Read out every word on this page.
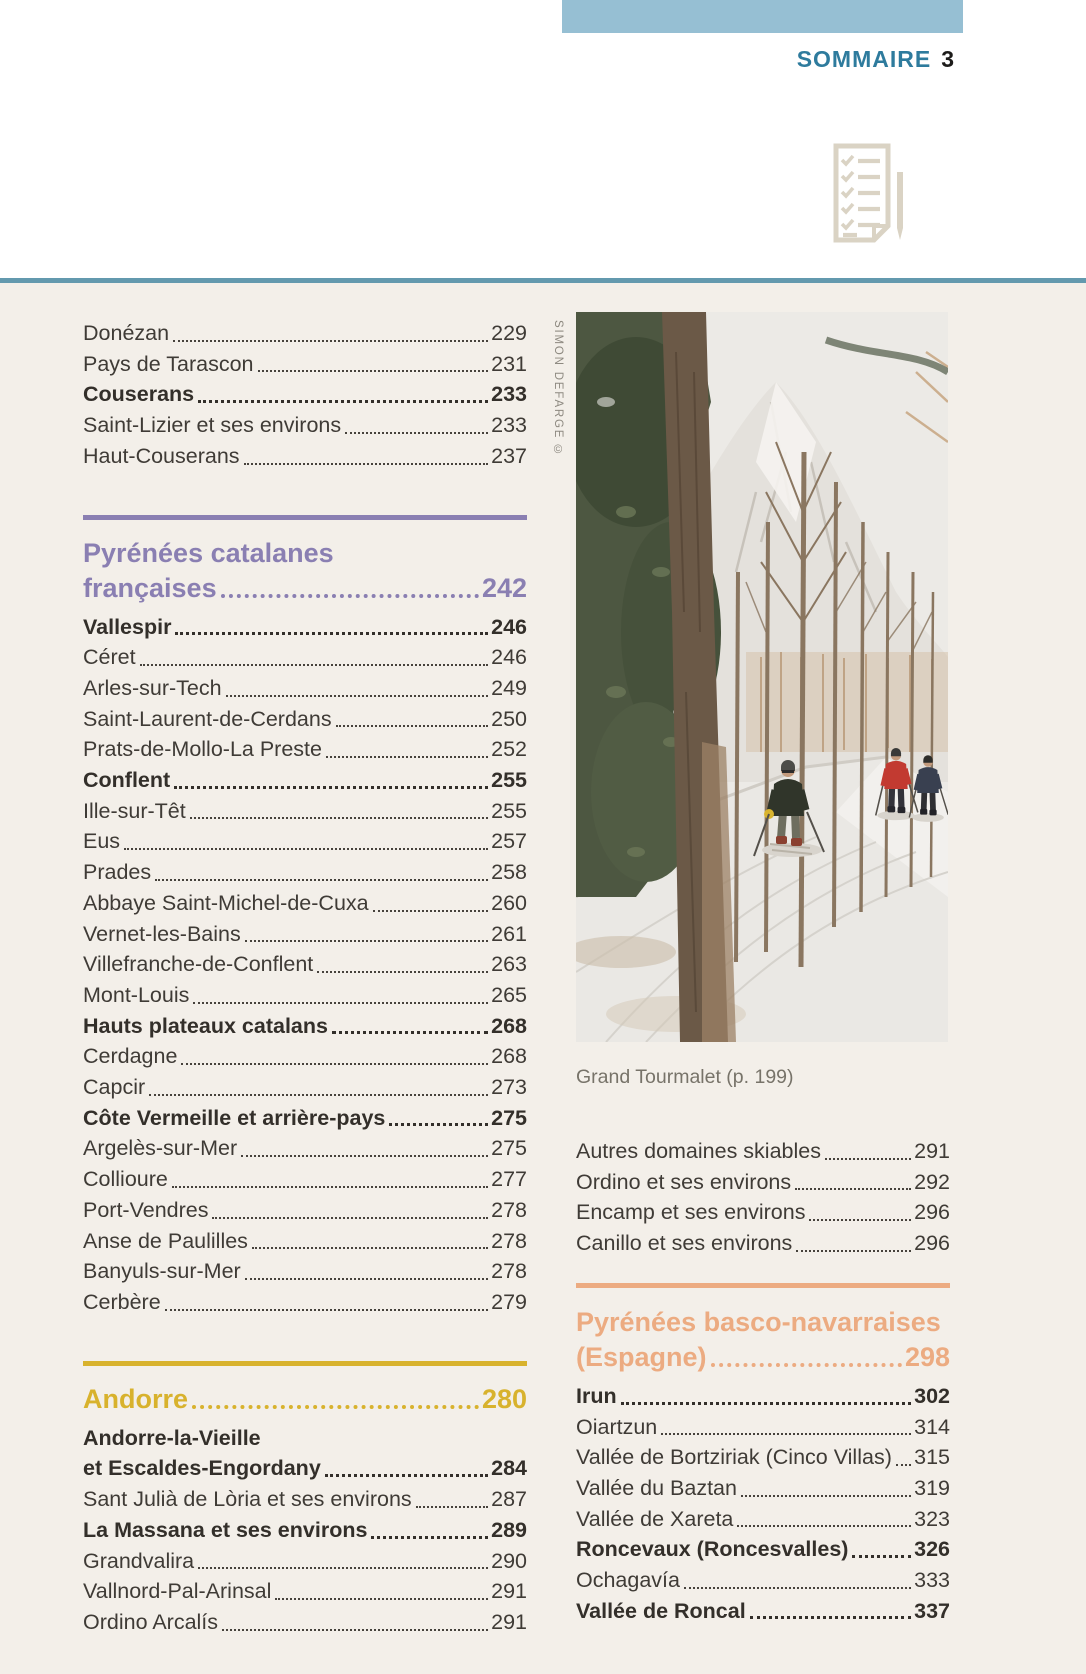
SOMMAIRE 3
Donézan	229
Pays de Tarascon	231
Couserans	233
Saint-Lizier et ses environs	233
Haut-Couserans	237
Pyrénées catalanes
françaises	242
Vallespir	246
Céret	246
Arles-sur-Tech	249
Saint-Laurent-de-Cerdans	250
Prats-de-Mollo-La Preste	252
Conflent	255
Ille-sur-Têt	255
Eus	257
Prades	258
Abbaye Saint-Michel-de-Cuxa	260
Vernet-les-Bains	261
Villefranche-de-Conflent	263
Mont-Louis	265
Hauts plateaux catalans	268
Cerdagne	268
Capcir	273
Côte Vermeille et arrière-pays	275
Argelès-sur-Mer	275
Collioure	277
Port-Vendres	278
Anse de Paulilles	278
Banyuls-sur-Mer	278
Cerbère	279
Andorre	280
Andorre-la-Vieille
et Escaldes-Engordany	284
Sant Julià de Lòria et ses environs	287
La Massana et ses environs	289
Grandvalira	290
Vallnord-Pal-Arinsal	291
Ordino Arcalís	291
SIMON DEFARGE ©
Grand Tourmalet (p. 199)
Autres domaines skiables	291
Ordino et ses environs	292
Encamp et ses environs	296
Canillo et ses environs	296
Pyrénées basco-navarraises
(Espagne)	298
Irun	302
Oiartzun	314
Vallée de Bortziriak (Cinco Villas) 315
Vallée du Baztan	319
Vallée de Xareta	323
Roncevaux (Roncesvalles)	326
Ochagavía	333
Vallée de Roncal	337
